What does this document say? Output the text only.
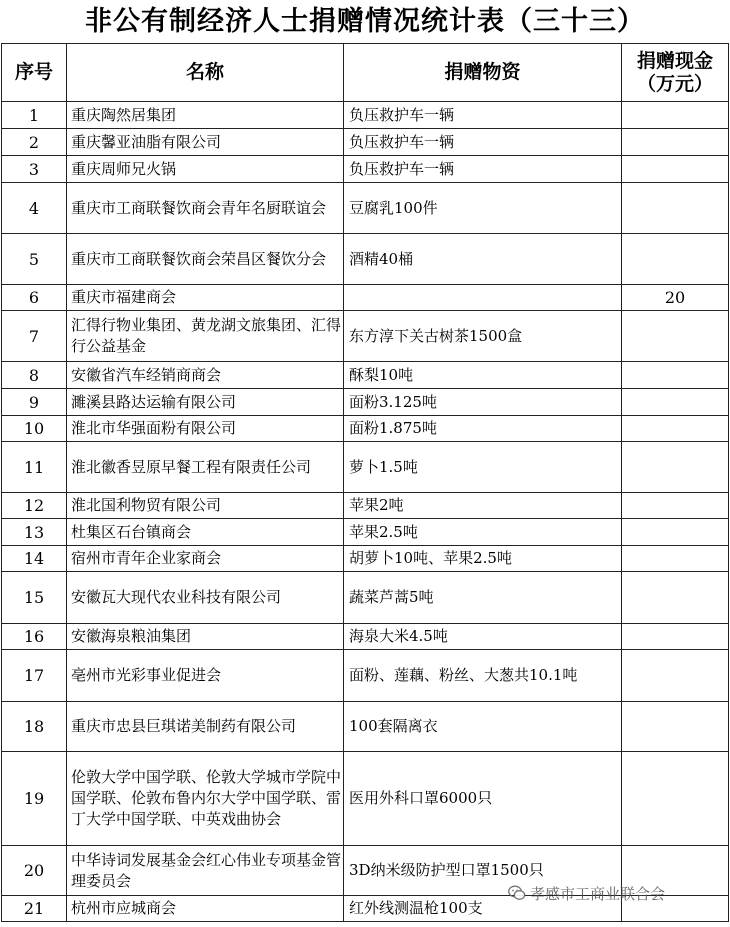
非公有制经济人士捐赠情况统计表（三十三）
序号	名称	捐赠物资	捐赠现金（万元）
1	重庆陶然居集团	负压救护车一辆	
2	重庆馨亚油脂有限公司	负压救护车一辆	
3	重庆周师兄火锅	负压救护车一辆	
4	重庆市工商联餐饮商会青年名厨联谊会	豆腐乳100件	
5	重庆市工商联餐饮商会荣昌区餐饮分会	酒精40桶	
6	重庆市福建商会		20
7	汇得行物业集团、黄龙湖文旅集团、汇得行公益基金	东方淳下关古树茶1500盒	
8	安徽省汽车经销商商会	酥梨10吨	
9	濉溪县路达运输有限公司	面粉3.125吨	
10	淮北市华强面粉有限公司	面粉1.875吨	
11	淮北徽香昱原早餐工程有限责任公司	萝卜1.5吨	
12	淮北国利物贸有限公司	苹果2吨	
13	杜集区石台镇商会	苹果2.5吨	
14	宿州市青年企业家商会	胡萝卜10吨、苹果2.5吨	
15	安徽瓦大现代农业科技有限公司	蔬菜芦蒿5吨	
16	安徽海泉粮油集团	海泉大米4.5吨	
17	亳州市光彩事业促进会	面粉、莲藕、粉丝、大葱共10.1吨	
18	重庆市忠县巨琪诺美制药有限公司	100套隔离衣	
19	伦敦大学中国学联、伦敦大学城市学院中国学联、伦敦布鲁内尔大学中国学联、雷丁大学中国学联、中英戏曲协会	医用外科口罩6000只	
20	中华诗词发展基金会红心伟业专项基金管理委员会	3D纳米级防护型口罩1500只	
21	杭州市应城商会	红外线测温枪100支	
孝感市工商业联合会
